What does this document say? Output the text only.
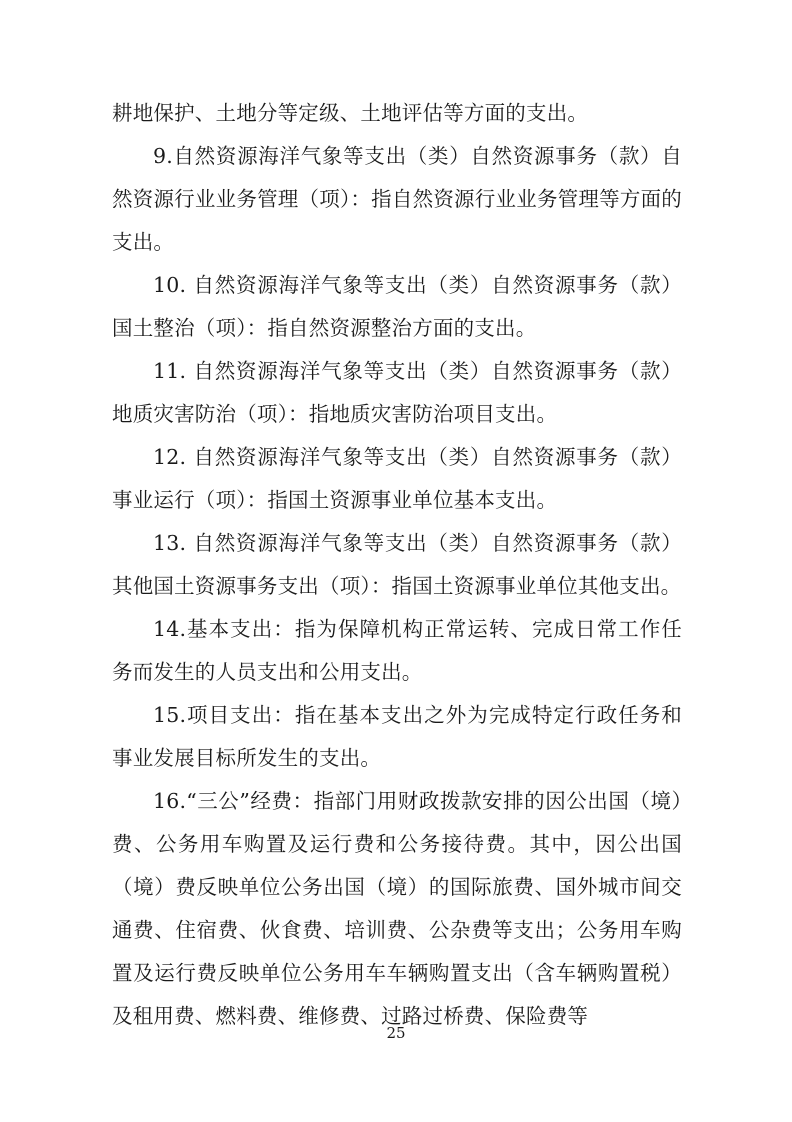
耕地保护、土地分等定级、土地评估等方面的支出。

9.自然资源海洋气象等支出（类）自然资源事务（款）自然资源行业业务管理（项）：指自然资源行业业务管理等方面的支出。

10. 自然资源海洋气象等支出（类）自然资源事务（款）国土整治（项）：指自然资源整治方面的支出。

11. 自然资源海洋气象等支出（类）自然资源事务（款）地质灾害防治（项）：指地质灾害防治项目支出。

12. 自然资源海洋气象等支出（类）自然资源事务（款）事业运行（项）：指国土资源事业单位基本支出。

13. 自然资源海洋气象等支出（类）自然资源事务（款）其他国土资源事务支出（项）：指国土资源事业单位其他支出。

14.基本支出：指为保障机构正常运转、完成日常工作任务而发生的人员支出和公用支出。

15.项目支出：指在基本支出之外为完成特定行政任务和事业发展目标所发生的支出。

16.“三公”经费：指部门用财政拨款安排的因公出国（境）费、公务用车购置及运行费和公务接待费。其中，因公出国（境）费反映单位公务出国（境）的国际旅费、国外城市间交通费、住宿费、伙食费、培训费、公杂费等支出；公务用车购置及运行费反映单位公务用车车辆购置支出（含车辆购置税）及租用费、燃料费、维修费、过路过桥费、保险费等

25
